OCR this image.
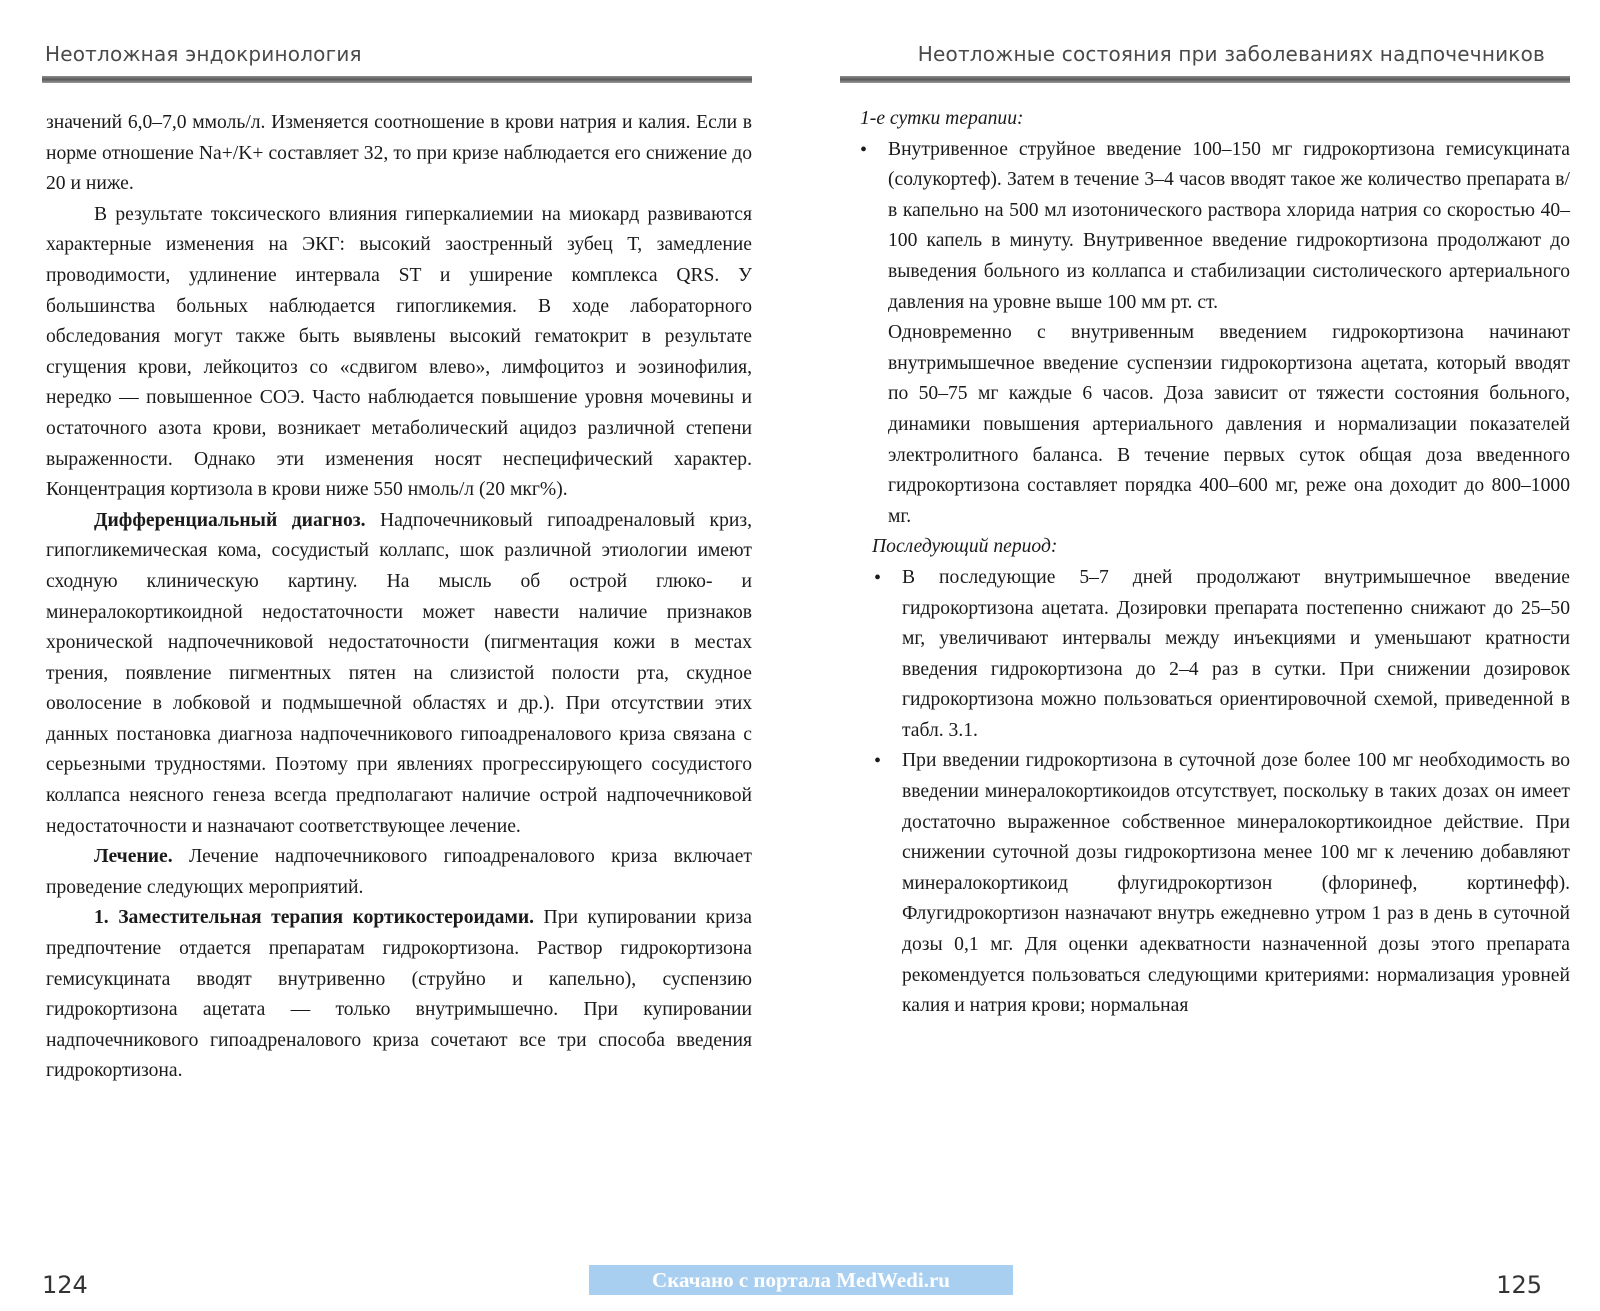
Неотложная эндокринология

значений 6,0–7,0 ммоль/л. Изменяется соотношение в крови натрия и калия. Если в норме отношение Na+/K+ составляет 32, то при кризе наблюдается его снижение до 20 и ниже.

В результате токсического влияния гиперкалиемии на миокард развиваются характерные изменения на ЭКГ: высокий заостренный зубец Т, замедление проводимости, удлинение интервала ST и уширение комплекса QRS. У большинства больных наблюдается гипогликемия. В ходе лабораторного обследования могут также быть выявлены высокий гематокрит в результате сгущения крови, лейкоцитоз со «сдвигом влево», лимфоцитоз и эозинофилия, нередко — повышенное СОЭ. Часто наблюдается повышение уровня мочевины и остаточного азота крови, возникает метаболический ацидоз различной степени выраженности. Однако эти изменения носят неспецифический характер. Концентрация кортизола в крови ниже 550 нмоль/л (20 мкг%).

Дифференциальный диагноз. Надпочечниковый гипоадреналовый криз, гипогликемическая кома, сосудистый коллапс, шок различной этиологии имеют сходную клиническую картину. На мысль об острой глюко- и минералокортикоидной недостаточности может навести наличие признаков хронической надпочечниковой недостаточности (пигментация кожи в местах трения, появление пигментных пятен на слизистой полости рта, скудное оволосение в лобковой и подмышечной областях и др.). При отсутствии этих данных постановка диагноза надпочечникового гипоадреналового криза связана с серьезными трудностями. Поэтому при явлениях прогрессирующего сосудистого коллапса неясного генеза всегда предполагают наличие острой надпочечниковой недостаточности и назначают соответствующее лечение.

Лечение. Лечение надпочечникового гипоадреналового криза включает проведение следующих мероприятий.

1. Заместительная терапия кортикостероидами. При купировании криза предпочтение отдается препаратам гидрокортизона. Раствор гидрокортизона гемисукцината вводят внутривенно (струйно и капельно), суспензию гидрокортизона ацетата — только внутримышечно. При купировании надпочечникового гипоадреналового криза сочетают все три способа введения гидрокортизона.

124
Неотложные состояния при заболеваниях надпочечников

1-е сутки терапии:

• Внутривенное струйное введение 100–150 мг гидрокортизона гемисукцината (солукортеф). Затем в течение 3–4 часов вводят такое же количество препарата в/в капельно на 500 мл изотонического раствора хлорида натрия со скоростью 40–100 капель в минуту. Внутривенное введение гидрокортизона продолжают до выведения больного из коллапса и стабилизации систолического артериального давления на уровне выше 100 мм рт. ст.
Одновременно с внутривенным введением гидрокортизона начинают внутримышечное введение суспензии гидрокортизона ацетата, который вводят по 50–75 мг каждые 6 часов. Доза зависит от тяжести состояния больного, динамики повышения артериального давления и нормализации показателей электролитного баланса. В течение первых суток общая доза введенного гидрокортизона составляет порядка 400–600 мг, реже она доходит до 800–1000 мг.

Последующий период:

• В последующие 5–7 дней продолжают внутримышечное введение гидрокортизона ацетата. Дозировки препарата постепенно снижают до 25–50 мг, увеличивают интервалы между инъекциями и уменьшают кратности введения гидрокортизона до 2–4 раз в сутки. При снижении дозировок гидрокортизона можно пользоваться ориентировочной схемой, приведенной в табл. 3.1.
• При введении гидрокортизона в суточной дозе более 100 мг необходимость во введении минералокортикоидов отсутствует, поскольку в таких дозах он имеет достаточно выраженное собственное минералокортикоидное действие. При снижении суточной дозы гидрокортизона менее 100 мг к лечению добавляют минералокортикоид флугидрокортизон (флоринеф, кортинефф). Флугидрокортизон назначают внутрь ежедневно утром 1 раз в день в суточной дозы 0,1 мг. Для оценки адекватности назначенной дозы этого препарата рекомендуется пользоваться следующими критериями: нормализация уровней калия и натрия крови; нормальная
125
Скачано с портала MedWedi.ru
